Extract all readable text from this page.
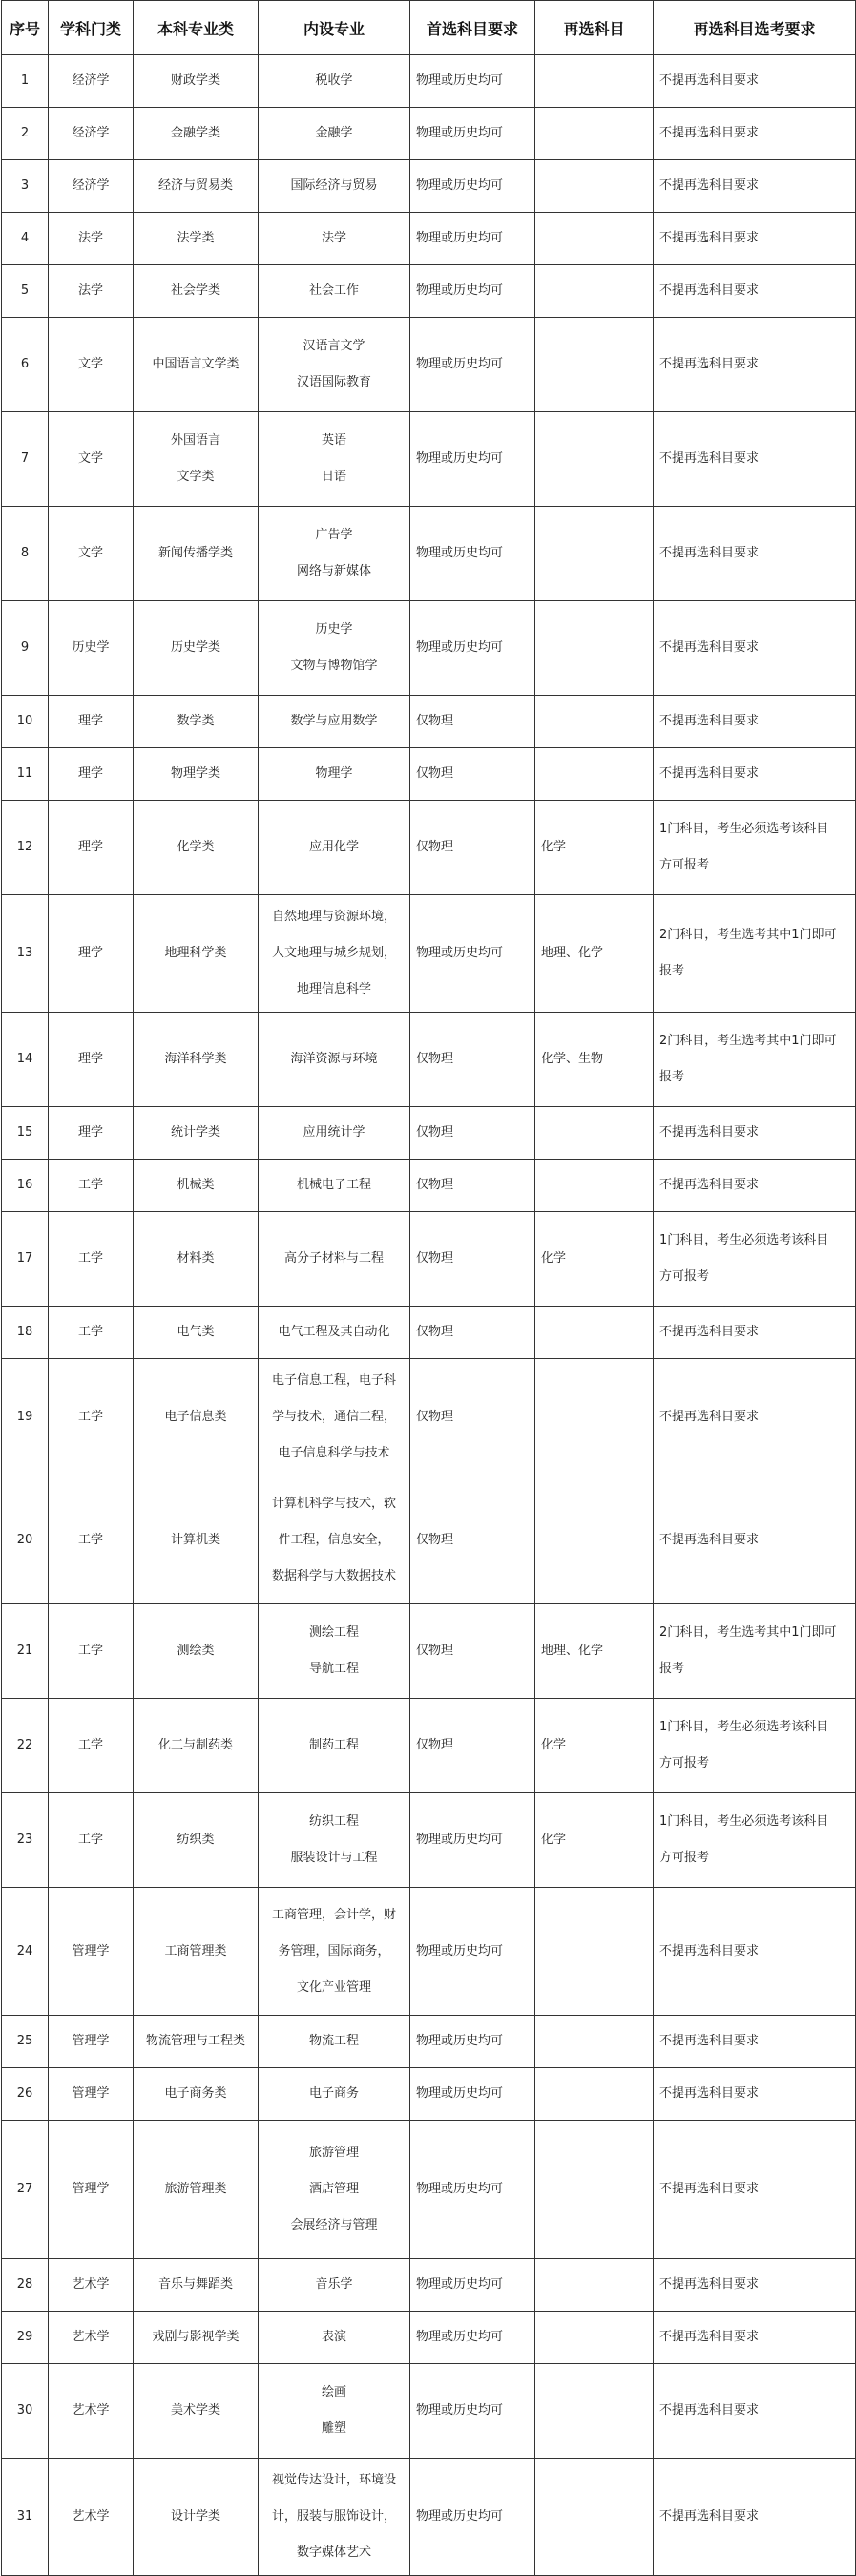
序号	学科门类	本科专业类	内设专业	首选科目要求	再选科目	再选科目选考要求

1	经济学	财政学类	税收学	物理或历史均可		不提再选科目要求

2	经济学	金融学类	金融学	物理或历史均可		不提再选科目要求

3	经济学	经济与贸易类	国际经济与贸易	物理或历史均可		不提再选科目要求

4	法学	法学类	法学	物理或历史均可		不提再选科目要求

5	法学	社会学类	社会工作	物理或历史均可		不提再选科目要求

6	文学	中国语言文学类	汉语言文学
汉语国际教育	物理或历史均可		不提再选科目要求

7	文学	外国语言
文学类	英语
日语	物理或历史均可		不提再选科目要求

8	文学	新闻传播学类	广告学
网络与新媒体	物理或历史均可		不提再选科目要求

9	历史学	历史学类	历史学
文物与博物馆学	物理或历史均可		不提再选科目要求

10	理学	数学类	数学与应用数学	仅物理		不提再选科目要求

11	理学	物理学类	物理学	仅物理		不提再选科目要求

12	理学	化学类	应用化学	仅物理	化学	1门科目，考生必须选考该科目
方可报考

13	理学	地理科学类	自然地理与资源环境，
人文地理与城乡规划，
地理信息科学	物理或历史均可	地理、化学	2门科目，考生选考其中1门即可
报考

14	理学	海洋科学类	海洋资源与环境	仅物理	化学、生物	2门科目，考生选考其中1门即可
报考

15	理学	统计学类	应用统计学	仅物理		不提再选科目要求

16	工学	机械类	机械电子工程	仅物理		不提再选科目要求

17	工学	材料类	高分子材料与工程	仅物理	化学	1门科目，考生必须选考该科目
方可报考

18	工学	电气类	电气工程及其自动化	仅物理		不提再选科目要求

19	工学	电子信息类	电子信息工程，电子科
学与技术，通信工程，
电子信息科学与技术	仅物理		不提再选科目要求

20	工学	计算机类	计算机科学与技术，软
件工程，信息安全，
数据科学与大数据技术	仅物理		不提再选科目要求

21	工学	测绘类	测绘工程
导航工程	仅物理	地理、化学	2门科目，考生选考其中1门即可
报考

22	工学	化工与制药类	制药工程	仅物理	化学	1门科目，考生必须选考该科目
方可报考

23	工学	纺织类	纺织工程
服装设计与工程	物理或历史均可	化学	1门科目，考生必须选考该科目
方可报考

24	管理学	工商管理类	工商管理，会计学，财
务管理，国际商务，
文化产业管理	物理或历史均可		不提再选科目要求

25	管理学	物流管理与工程类	物流工程	物理或历史均可		不提再选科目要求

26	管理学	电子商务类	电子商务	物理或历史均可		不提再选科目要求

27	管理学	旅游管理类	旅游管理
酒店管理
会展经济与管理	物理或历史均可		不提再选科目要求

28	艺术学	音乐与舞蹈类	音乐学	物理或历史均可		不提再选科目要求

29	艺术学	戏剧与影视学类	表演	物理或历史均可		不提再选科目要求

30	艺术学	美术学类	绘画
雕塑	物理或历史均可		不提再选科目要求

31	艺术学	设计学类	视觉传达设计，环境设
计，服装与服饰设计，
数字媒体艺术	物理或历史均可		不提再选科目要求
